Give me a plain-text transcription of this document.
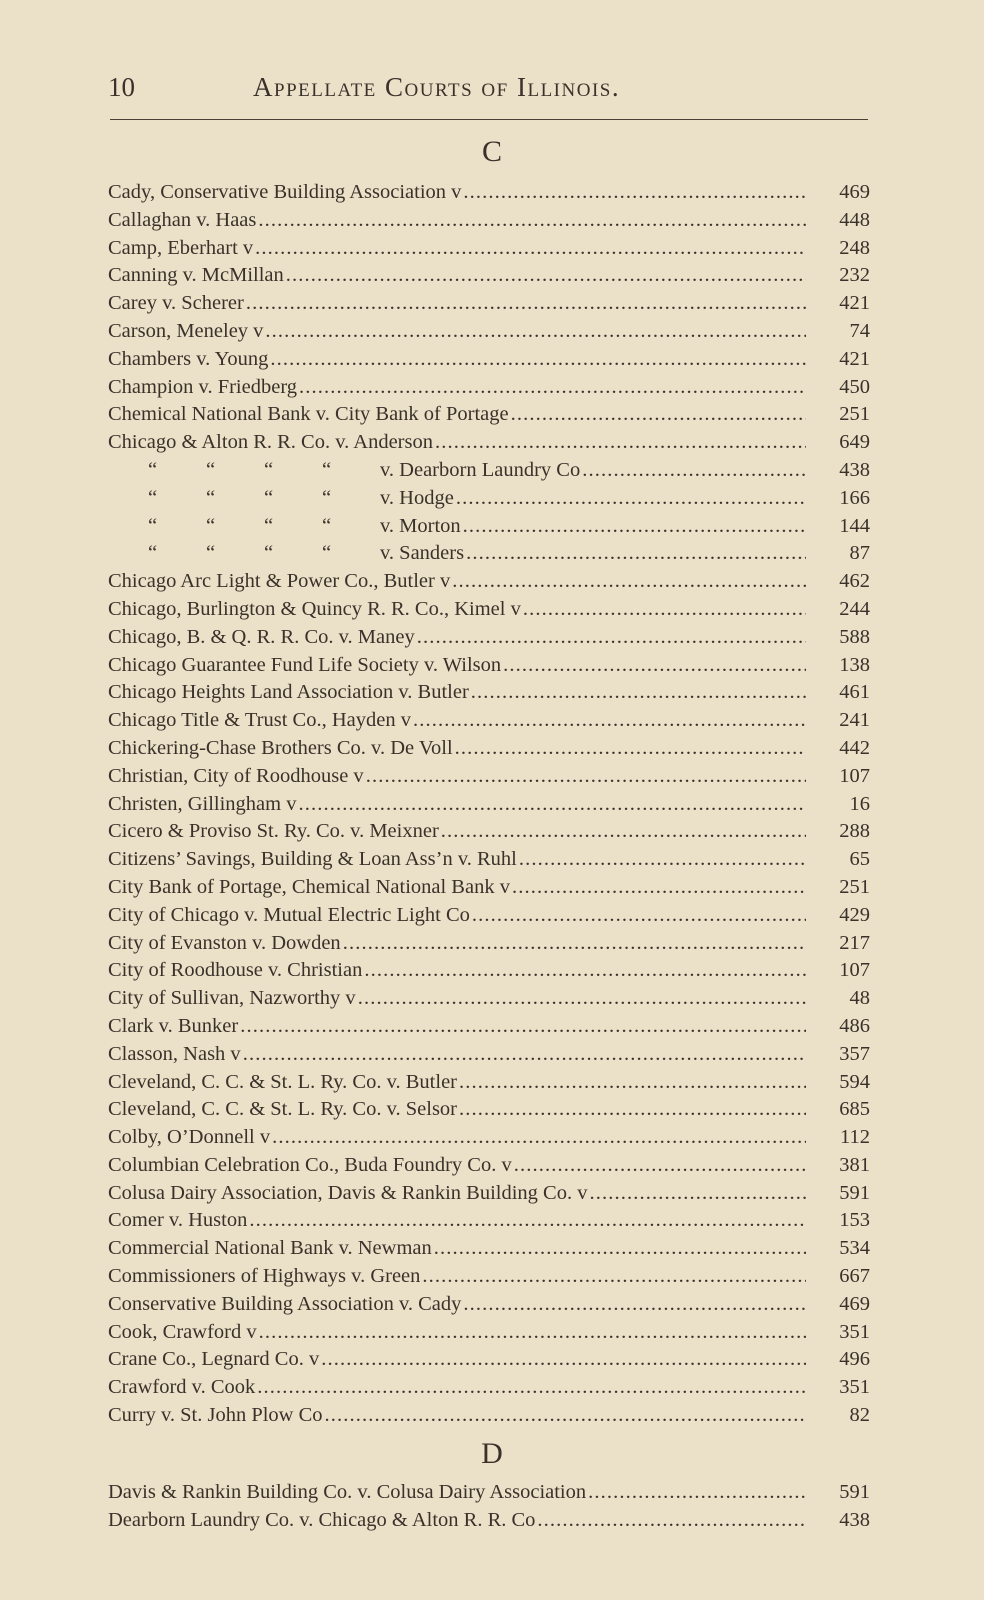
10	Appellate Courts of Illinois.
C
Cady, Conservative Building Association v . . .	469
Callaghan v. Haas . . .	448
Camp, Eberhart v . . .	248
Canning v. McMillan . . .	232
Carey v. Scherer . . .	421
Carson, Meneley v . . .	74
Chambers v. Young . . .	421
Champion v. Friedberg . . .	450
Chemical National Bank v. City Bank of Portage . . .	251
Chicago & Alton R. R. Co. v. Anderson . . .	649
“ “ “ “	v. Dearborn Laundry Co . . .	438
“ “ “ “	v. Hodge . . .	166
“ “ “ “	v. Morton . . .	144
“ “ “ “	v. Sanders . . .	87
Chicago Arc Light & Power Co., Butler v . . .	462
Chicago, Burlington & Quincy R. R. Co., Kimel v . . .	244
Chicago, B. & Q. R. R. Co. v. Maney . . .	588
Chicago Guarantee Fund Life Society v. Wilson . . .	138
Chicago Heights Land Association v. Butler . . .	461
Chicago Title & Trust Co., Hayden v . . .	241
Chickering-Chase Brothers Co. v. De Voll . . .	442
Christian, City of Roodhouse v . . .	107
Christen, Gillingham v . . .	16
Cicero & Proviso St. Ry. Co. v. Meixner . . .	288
Citizens’ Savings, Building & Loan Ass’n v. Ruhl . . .	65
City Bank of Portage, Chemical National Bank v . . .	251
City of Chicago v. Mutual Electric Light Co . . .	429
City of Evanston v. Dowden . . .	217
City of Roodhouse v. Christian . . .	107
City of Sullivan, Nazworthy v . . .	48
Clark v. Bunker . . .	486
Classon, Nash v . . .	357
Cleveland, C. C. & St. L. Ry. Co. v. Butler . . .	594
Cleveland, C. C. & St. L. Ry. Co. v. Selsor . . .	685
Colby, O’Donnell v . . .	112
Columbian Celebration Co., Buda Foundry Co. v . . .	381
Colusa Dairy Association, Davis & Rankin Building Co. v . . .	591
Comer v. Huston . . .	153
Commercial National Bank v. Newman . . .	534
Commissioners of Highways v. Green . . .	667
Conservative Building Association v. Cady . . .	469
Cook, Crawford v . . .	351
Crane Co., Legnard Co. v . . .	496
Crawford v. Cook . . .	351
Curry v. St. John Plow Co . . .	82
D
Davis & Rankin Building Co. v. Colusa Dairy Association . . .	591
Dearborn Laundry Co. v. Chicago & Alton R. R. Co . . .	438
